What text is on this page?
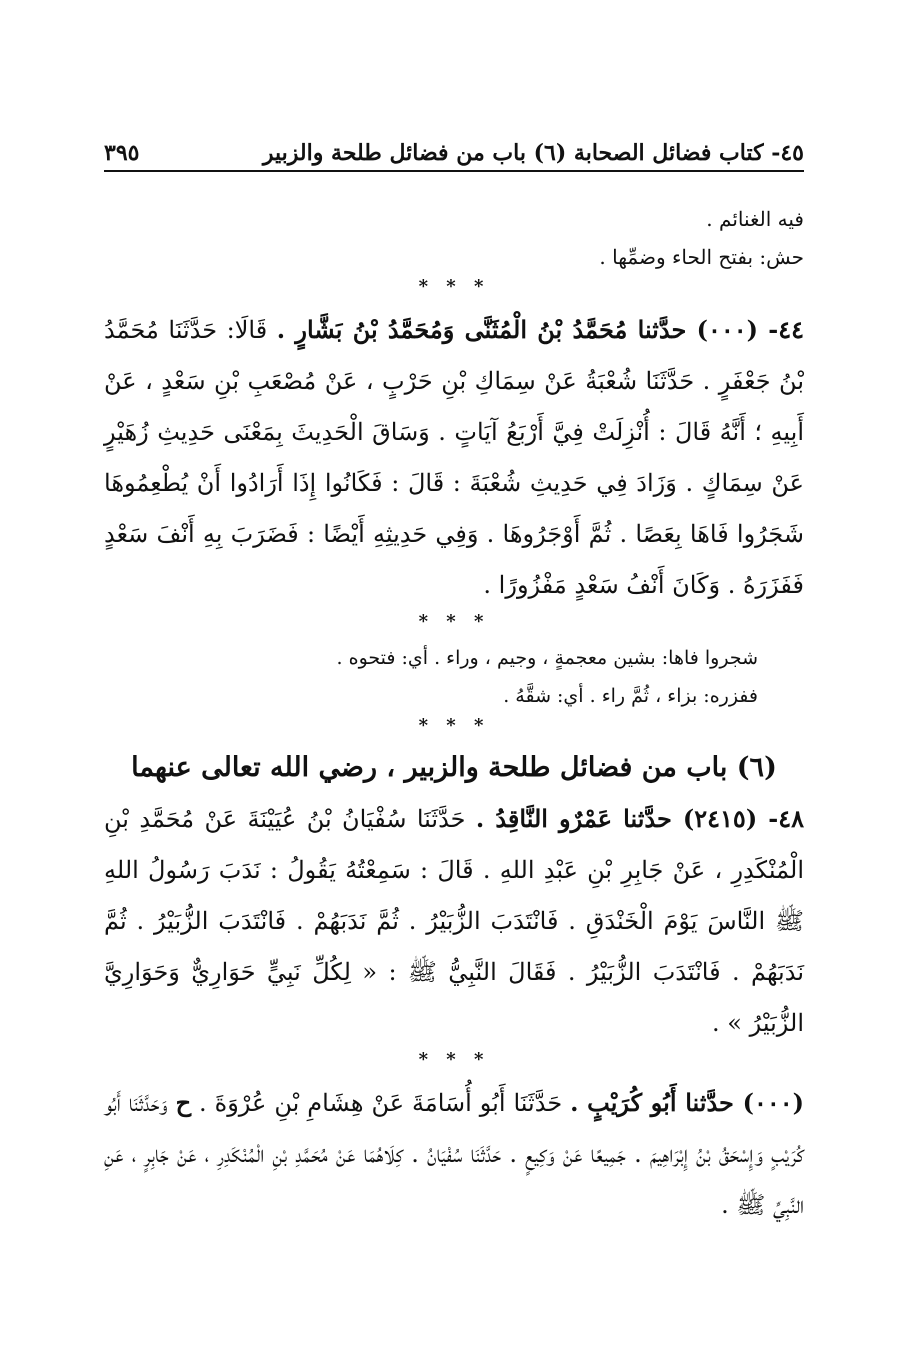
٤٥- كتاب فضائل الصحابة (٦) باب من فضائل طلحة والزبير
٣٩٥

فيه الغنائم .

حش: بفتح الحاء وضمِّها .

* * *

٤٤- (٠٠٠) حدَّثنا مُحَمَّدُ بْنُ الْمُثَنَّى وَمُحَمَّدُ بْنُ بَشَّارٍ . قَالَا: حَدَّثَنَا مُحَمَّدُ بْنُ جَعْفَرٍ . حَدَّثَنَا شُعْبَةُ عَنْ سِمَاكِ بْنِ حَرْبٍ ، عَنْ مُصْعَبِ بْنِ سَعْدٍ ، عَنْ أَبِيهِ ؛ أَنَّهُ قَالَ : أُنْزِلَتْ فِيَّ أَرْبَعُ آيَاتٍ . وَسَاقَ الْحَدِيثَ بِمَعْنَى حَدِيثِ زُهَيْرٍ عَنْ سِمَاكٍ . وَزَادَ فِي حَدِيثِ شُعْبَةَ : قَالَ : فَكَانُوا إِذَا أَرَادُوا أَنْ يُطْعِمُوهَا شَجَرُوا فَاهَا بِعَصًا . ثُمَّ أَوْجَرُوهَا . وَفِي حَدِيثِهِ أَيْضًا : فَضَرَبَ بِهِ أَنْفَ سَعْدٍ فَفَزَرَهُ . وَكَانَ أَنْفُ سَعْدٍ مَفْزُورًا .

* * *

شجروا فاها: بشين معجمةٍ ، وجيم ، وراء . أي: فتحوه .

ففزره: بزاء ، ثُمَّ راء . أي: شقَّهُ .

* * *

(٦) باب من فضائل طلحة والزبير ، رضي الله تعالى عنهما

٤٨- (٢٤١٥) حدَّثنا عَمْرٌو النَّاقِدُ . حَدَّثَنَا سُفْيَانُ بْنُ عُيَيْنَةَ عَنْ مُحَمَّدِ بْنِ الْمُنْكَدِرِ ، عَنْ جَابِرِ بْنِ عَبْدِ اللهِ . قَالَ : سَمِعْتُهُ يَقُولُ : نَدَبَ رَسُولُ اللهِ ﷺ النَّاسَ يَوْمَ الْخَنْدَقِ . فَانْتَدَبَ الزُّبَيْرُ . ثُمَّ نَدَبَهُمْ . فَانْتَدَبَ الزُّبَيْرُ . ثُمَّ نَدَبَهُمْ . فَانْتَدَبَ الزُّبَيْرُ . فَقَالَ النَّبِيُّ ﷺ : « لِكُلِّ نَبِيٍّ حَوَارِيٌّ وَحَوَارِيَّ الزُّبَيْرُ » .

* * *

(٠٠٠) حدَّثنا أَبُو كُرَيْبٍ . حَدَّثَنَا أَبُو أُسَامَةَ عَنْ هِشَامِ بْنِ عُرْوَةَ . ح وَحَدَّثَنَا أَبُو كُرَيْبٍ وَإِسْحَقُ بْنُ إِبْرَاهِيمَ . جَمِيعًا عَنْ وَكِيعٍ . حَدَّثَنَا سُفْيَانُ . كِلَاهُمَا عَنْ مُحَمَّدِ بْنِ الْمُنْكَدِرِ ، عَنْ جَابِرٍ ، عَنِ النَّبِيِّ ﷺ .
